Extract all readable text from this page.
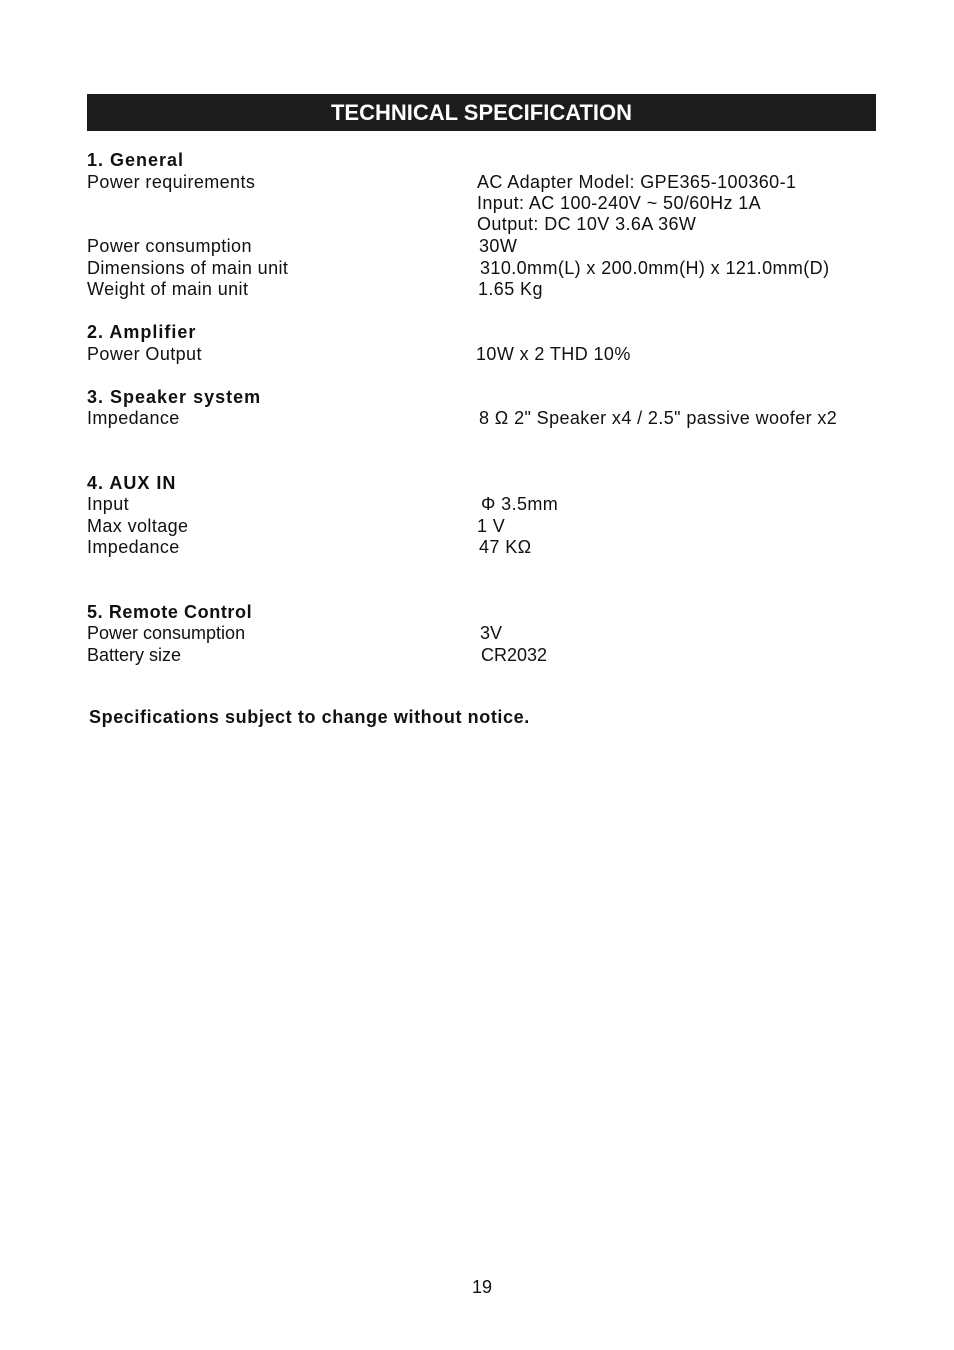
TECHNICAL SPECIFICATION
1. General
Power requirements	AC Adapter Model: GPE365-100360-1
Input: AC 100-240V ~ 50/60Hz 1A
Output: DC 10V 3.6A 36W
Power consumption	30W
Dimensions of main unit	310.0mm(L) x 200.0mm(H) x 121.0mm(D)
Weight of main unit	1.65 Kg
2. Amplifier
Power Output	10W x 2 THD 10%
3. Speaker system
Impedance	8 Ω 2" Speaker x4 / 2.5" passive woofer x2
4. AUX IN
Input	Φ 3.5mm
Max voltage	1 V
Impedance	47 KΩ
5. Remote Control
Power consumption	3V
Battery size	CR2032
Specifications subject to change without notice.
19
